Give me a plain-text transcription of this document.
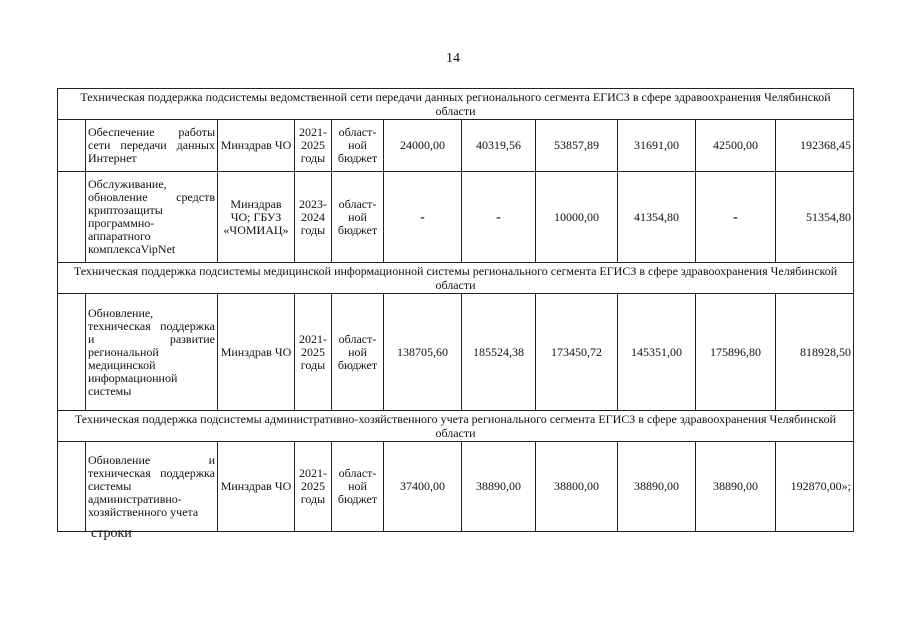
14
Техническая поддержка подсистемы ведомственной сети передачи данных регионального сегмента ЕГИСЗ в сфере здравоохранения Челябинской области										
	Обеспечение работы сети передачи данных Интернет	Минздрав ЧО	2021-2025 годы	област-ной бюджет	24000,00	40319,56	53857,89	31691,00	42500,00	192368,45
	Обслуживание, обновление средств криптозащиты программно-аппаратного комплексаVipNet	Минздрав ЧО; ГБУЗ «ЧОМИАЦ»	2023-2024 годы	област-ной бюджет	-	-	10000,00	41354,80	-	51354,80
Техническая поддержка подсистемы медицинской информационной системы регионального сегмента ЕГИСЗ в сфере здравоохранения Челябинской области										
	Обновление, техническая поддержка и развитие региональной медицинской информационной системы	Минздрав ЧО	2021-2025 годы	област-ной бюджет	138705,60	185524,38	173450,72	145351,00	175896,80	818928,50
Техническая поддержка подсистемы административно-хозяйственного учета регионального сегмента ЕГИСЗ в сфере здравоохранения Челябинской области										
	Обновление и техническая поддержка системы административно-хозяйственного учета	Минздрав ЧО	2021-2025 годы	област-ной бюджет	37400,00	38890,00	38800,00	38890,00	38890,00	192870,00»;
строки
